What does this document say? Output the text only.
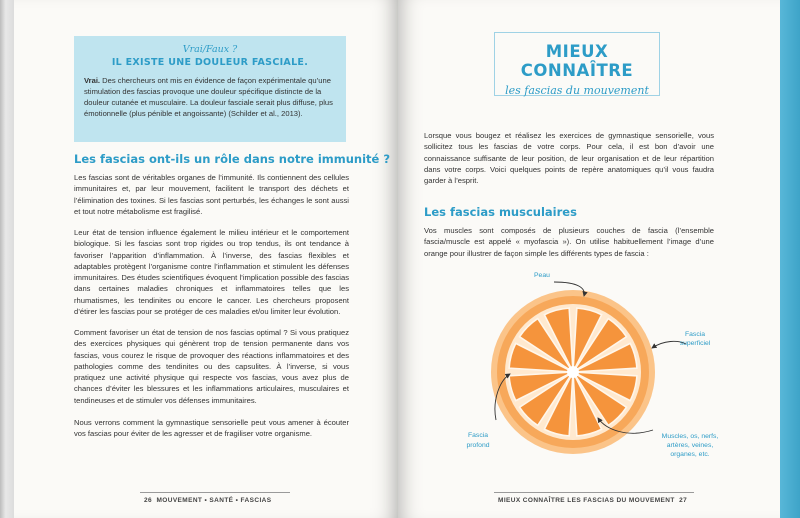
Vrai/Faux ?
IL EXISTE UNE DOULEUR FASCIALE.
Vrai. Des chercheurs ont mis en évidence de façon expérimentale qu’une stimulation des fascias provoque une douleur spécifique distincte de la douleur cutanée et musculaire. La douleur fasciale serait plus diffuse, plus émotionnelle (plus pénible et angoissante) (Schilder et al., 2013).
Les fascias ont-ils un rôle dans notre immunité ?
Les fascias sont de véritables organes de l’immunité. Ils contiennent des cellules immunitaires et, par leur mouvement, facilitent le transport des déchets et l’élimination des toxines. Si les fascias sont perturbés, les échanges le sont aussi et tout notre métabolisme est fragilisé.
Leur état de tension influence également le milieu intérieur et le comportement biologique. Si les fascias sont trop rigides ou trop tendus, ils ont tendance à favoriser l’apparition d’inflammation. À l’inverse, des fascias flexibles et adaptables protègent l’organisme contre l’inflammation et stimulent les défenses immunitaires. Des études scientifiques évoquent l’implication possible des fascias dans certaines maladies chroniques et inflammatoires telles que les rhumatismes, les tendinites ou encore le cancer. Les chercheurs proposent d’étirer les fascias pour se protéger de ces maladies et/ou limiter leur évolution.
Comment favoriser un état de tension de nos fascias optimal ? Si vous pratiquez des exercices physiques qui génèrent trop de tension permanente dans vos fascias, vous courez le risque de provoquer des réactions inflammatoires et des pathologies comme des tendinites ou des capsulites. À l’inverse, si vous pratiquez une activité physique qui respecte vos fascias, vous avez plus de chances d’éviter les blessures et les inflammations articulaires, musculaires et tendineuses et de stimuler vos défenses immunitaires.
Nous verrons comment la gymnastique sensorielle peut vous amener à écouter vos fascias pour éviter de les agresser et de fragiliser votre organisme.
26 MOUVEMENT • SANTÉ • FASCIAS
MIEUX CONNAÎTRE
les fascias du mouvement
Lorsque vous bougez et réalisez les exercices de gymnastique sensorielle, vous sollicitez tous les fascias de votre corps. Pour cela, il est bon d’avoir une connaissance suffisante de leur position, de leur organisation et de leur répartition dans votre corps. Voici quelques points de repère anatomiques qu’il vous faudra garder à l’esprit.
Les fascias musculaires
Vos muscles sont composés de plusieurs couches de fascia (l’ensemble fascia/muscle est appelé « myofascia »). On utilise habituellement l’image d’une orange pour illustrer de façon simple les différents types de fascia :
Peau
Fascia
superficiel
Fascia
profond
Muscles, os, nerfs,
artères, veines,
organes, etc.
MIEUX CONNAÎTRE LES FASCIAS DU MOUVEMENT 27
